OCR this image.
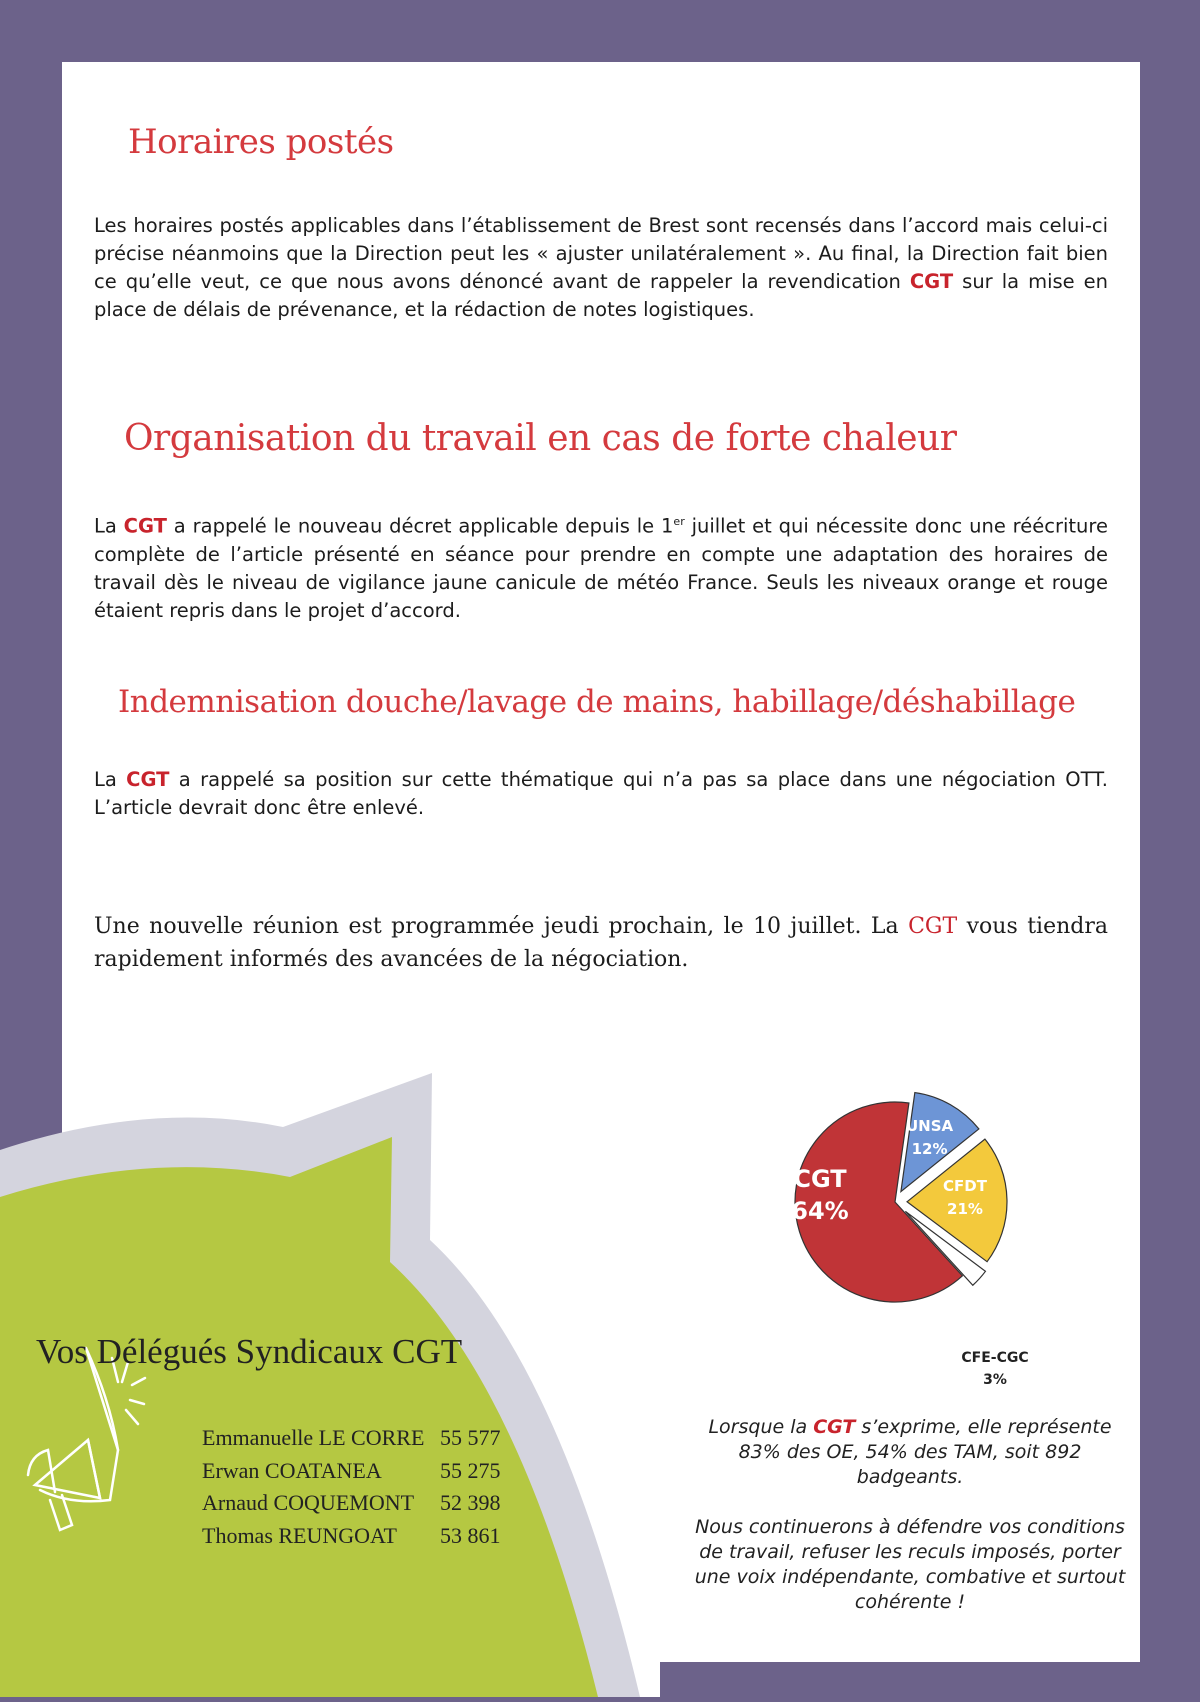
Horaires postés
Les horaires postés applicables dans l’établissement de Brest sont recensés dans l’accord mais celui-ci précise néanmoins que la Direction peut les « ajuster unilatéralement ». Au final, la Direction fait bien ce qu’elle veut, ce que nous avons dénoncé avant de rappeler la revendication CGT sur la mise en place de délais de prévenance, et la rédaction de notes logistiques.
Organisation du travail en cas de forte chaleur
La CGT a rappelé le nouveau décret applicable depuis le 1er juillet et qui nécessite donc une réécriture complète de l’article présenté en séance pour prendre en compte une adaptation des horaires de travail dès le niveau de vigilance jaune canicule de météo France. Seuls les niveaux orange et rouge étaient repris dans le projet d’accord.
Indemnisation douche/lavage de mains, habillage/déshabillage
La CGT a rappelé sa position sur cette thématique qui n’a pas sa place dans une négociation OTT. L’article devrait donc être enlevé.
Une nouvelle réunion est programmée jeudi prochain, le 10 juillet. La CGT vous tiendra rapidement informés des avancées de la négociation.
Vos Délégués Syndicaux CGT
Emmanuelle LE CORRE 55 577
Erwan COATANEA	55 275
Arnaud COQUEMONT	52 398
Thomas REUNGOAT	53 861
UNSA
12%
CFDT
21%
CFE-CGC
3%
CGT
64%
Lorsque la CGT s’exprime, elle représente 83% des OE, 54% des TAM, soit 892 badgeants.
Nous continuerons à défendre vos conditions de travail, refuser les reculs imposés, porter une voix indépendante, combative et surtout cohérente !
